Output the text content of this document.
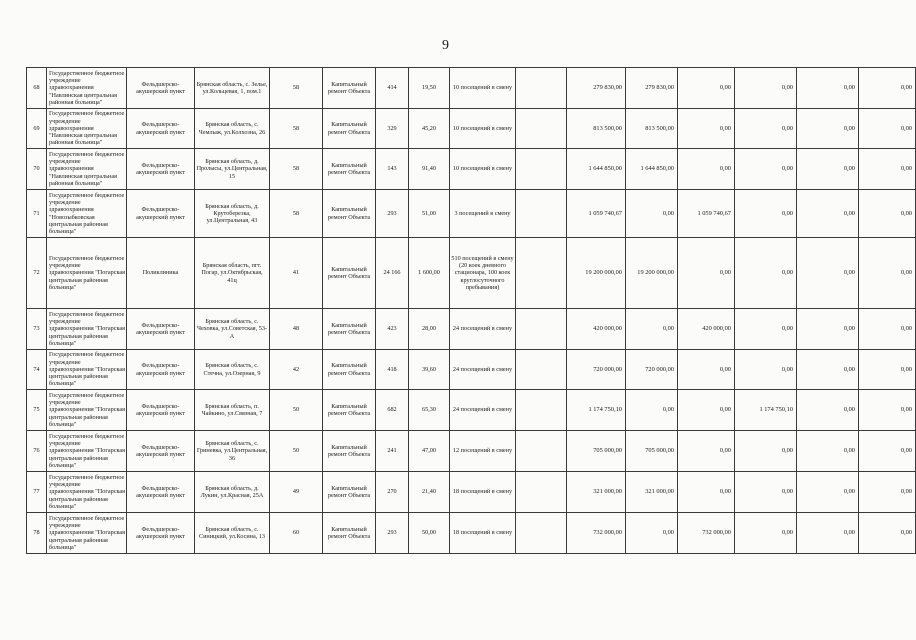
9
68	Государственное бюджетное учреждение здравоохранения "Навлинская центральная районная больница"	Фельдшерско-акушерский пункт	Брянская область, с. Зелье, ул.Кольцевая, 1, пом.1	58	Капитальный ремонт Объекта	414	19,50	10 посещений в смену		279 830,00	279 830,00	0,00	0,00	0,00	0,00
69	Государственное бюджетное учреждение здравоохранения "Навлинская центральная районная больница"	Фельдшерско-акушерский пункт	Брянская область, с. Чемлыж, ул.Колхозна, 26	58	Капитальный ремонт Объекта	329	45,20	10 посещений в смену		813 500,00	813 500,00	0,00	0,00	0,00	0,00
70	Государственное бюджетное учреждение здравоохранения "Навлинская центральная районная больница"	Фельдшерско-акушерский пункт	Брянская область, д. Пролысы, ул.Центральная, 15	58	Капитальный ремонт Объекта	143	91,40	10 посещений в смену		1 644 850,00	1 644 850,00	0,00	0,00	0,00	0,00
71	Государственное бюджетное учреждение здравоохранения "Новозыбковская центральная районная больница"	Фельдшерско-акушерский пункт	Брянская область, д. Крутоберезка, ул.Центральная, 43	58	Капитальный ремонт Объекта	293	51,00	3 посещений в смену		1 059 740,67	0,00	1 059 740,67	0,00	0,00	0,00
72	Государственное бюджетное учреждение здравоохранения "Погарская центральная районная больница"	Поликлиника	Брянская область, пгт. Погар, ул.Октябрьская, 41ц	41	Капитальный ремонт Объекта	24 166	1 600,00	510 посещений в смену (20 коек дневного стационара, 100 коек круглосуточного пребывания)		19 200 000,00	19 200 000,00	0,00	0,00	0,00	0,00
73	Государственное бюджетное учреждение здравоохранения "Погарская центральная районная больница"	Фельдшерско-акушерский пункт	Брянская область, с. Чеховка, ул.Советская, 53-А	48	Капитальный ремонт Объекта	423	28,00	24 посещений в смену		420 000,00	0,00	420 000,00	0,00	0,00	0,00
74	Государственное бюджетное учреждение здравоохранения "Погарская центральная районная больница"	Фельдшерско-акушерский пункт	Брянская область, с. Стечна, ул.Озерная, 9	42	Капитальный ремонт Объекта	418	39,60	24 посещений в смену		720 000,00	720 000,00	0,00	0,00	0,00	0,00
75	Государственное бюджетное учреждение здравоохранения "Погарская центральная районная больница"	Фельдшерско-акушерский пункт	Брянская область, п. Чайкино, ул.Связная, 7	50	Капитальный ремонт Объекта	682	65,30	24 посещений в смену		1 174 750,10	0,00	0,00	1 174 750,10	0,00	0,00
76	Государственное бюджетное учреждение здравоохранения "Погарская центральная районная больница"	Фельдшерско-акушерский пункт	Брянская область, с. Гриневка, ул.Центральная, 36	50	Капитальный ремонт Объекта	241	47,00	12 посещений в смену		705 000,00	705 000,00	0,00	0,00	0,00	0,00
77	Государственное бюджетное учреждение здравоохранения "Погарская центральная районная больница"	Фельдшерско-акушерский пункт	Брянская область, д. Лукин, ул.Красная, 25А	49	Капитальный ремонт Объекта	270	21,40	18 посещений в смену		321 000,00	321 000,00	0,00	0,00	0,00	0,00
78	Государственное бюджетное учреждение здравоохранения "Погарская центральная районная больница"	Фельдшерско-акушерский пункт	Брянская область, с. Синицкий, ул.Косина, 13	60	Капитальный ремонт Объекта	293	50,00	18 посещений в смену		732 000,00	0,00	732 000,00	0,00	0,00	0,00
